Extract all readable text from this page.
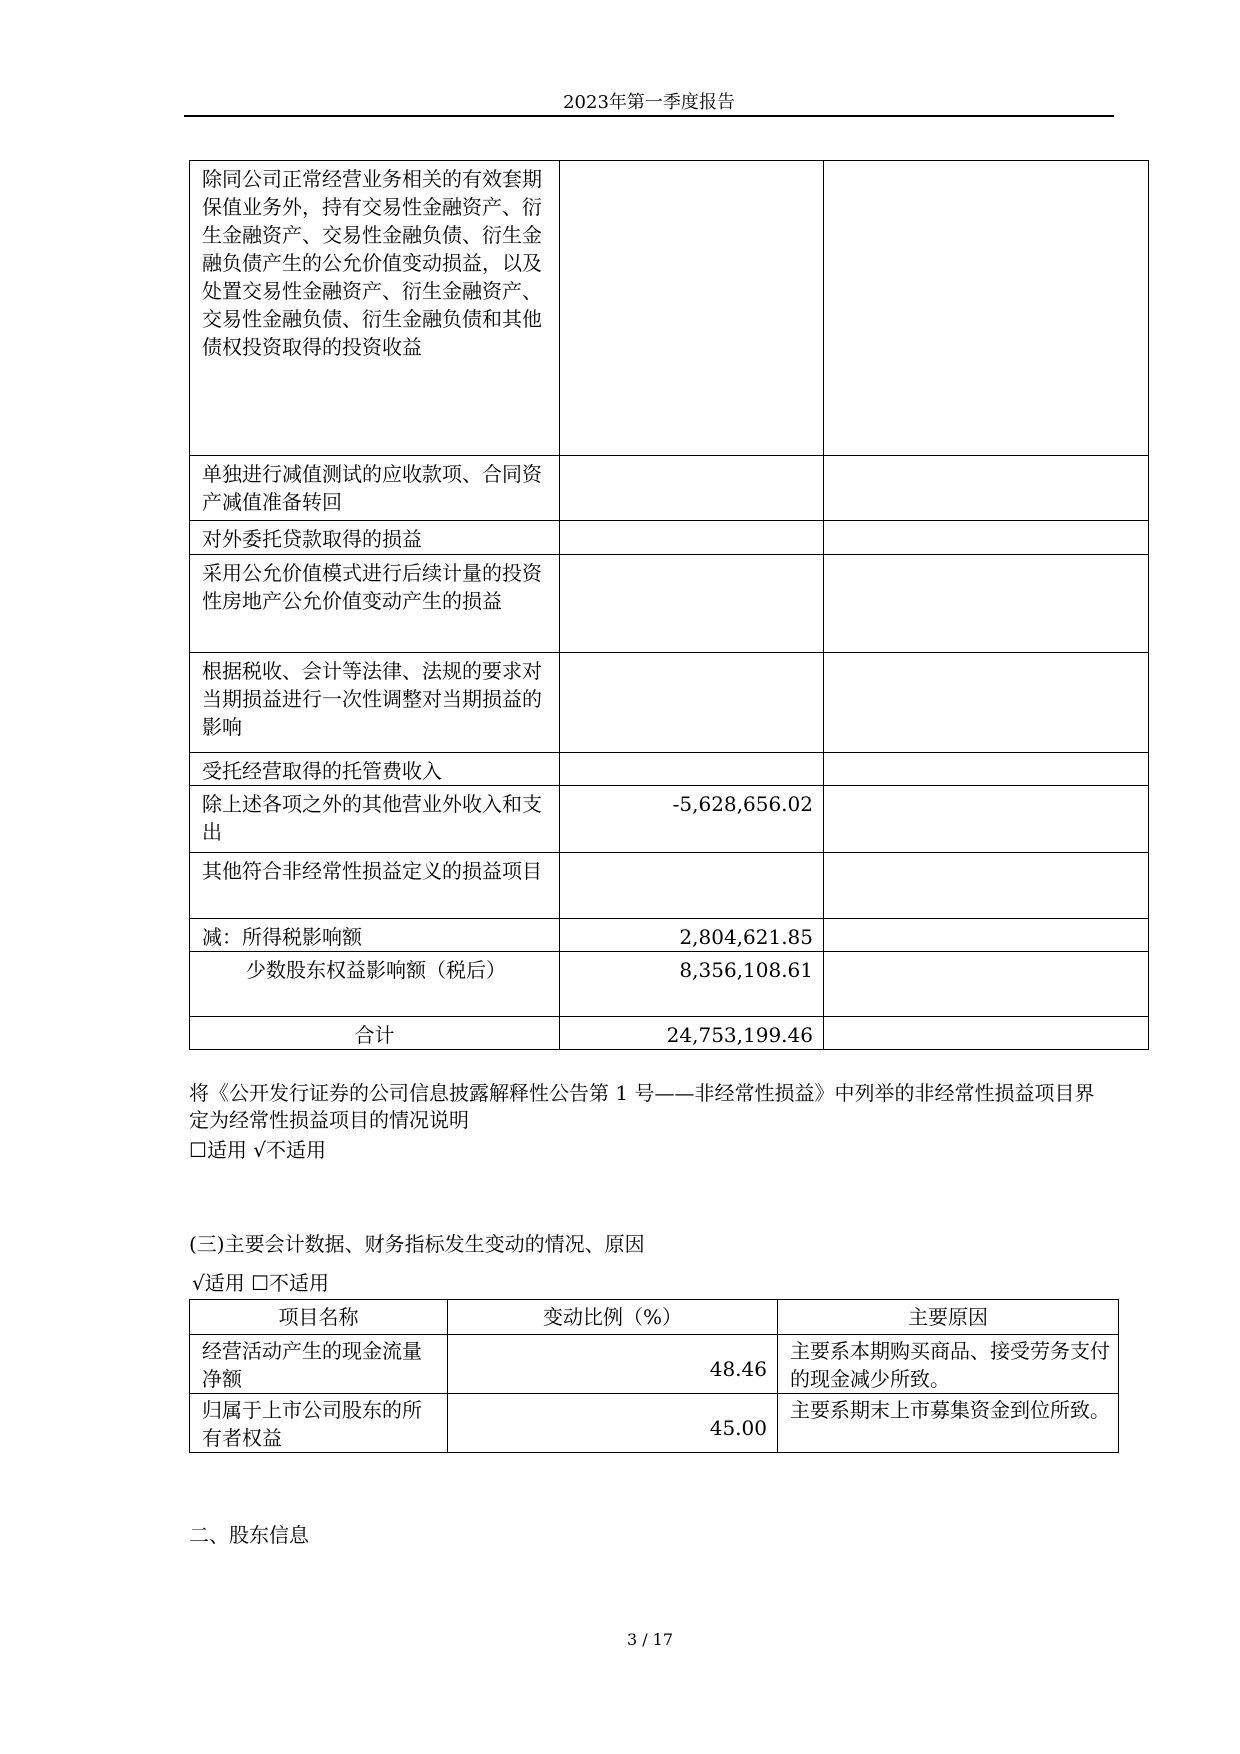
2023年第一季度报告
除同公司正常经营业务相关的有效套期保值业务外，持有交易性金融资产、衍生金融资产、交易性金融负债、衍生金融负债产生的公允价值变动损益，以及处置交易性金融资产、衍生金融资产、交易性金融负债、衍生金融负债和其他债权投资取得的投资收益		
单独进行减值测试的应收款项、合同资产减值准备转回		
对外委托贷款取得的损益		
采用公允价值模式进行后续计量的投资性房地产公允价值变动产生的损益		
根据税收、会计等法律、法规的要求对当期损益进行一次性调整对当期损益的影响		
受托经营取得的托管费收入		
除上述各项之外的其他营业外收入和支出	-5,628,656.02	
其他符合非经常性损益定义的损益项目		
减：所得税影响额	2,804,621.85	
少数股东权益影响额（税后）	8,356,108.61	
合计	24,753,199.46	
将《公开发行证券的公司信息披露解释性公告第 1 号——非经常性损益》中列举的非经常性损益项目界定为经常性损益项目的情况说明
☐适用 √不适用
(三)主要会计数据、财务指标发生变动的情况、原因
√适用 ☐不适用
项目名称	变动比例（%）	主要原因
经营活动产生的现金流量净额	48.46	主要系本期购买商品、接受劳务支付的现金减少所致。
归属于上市公司股东的所有者权益	45.00	主要系期末上市募集资金到位所致。
二、股东信息
3 / 17
